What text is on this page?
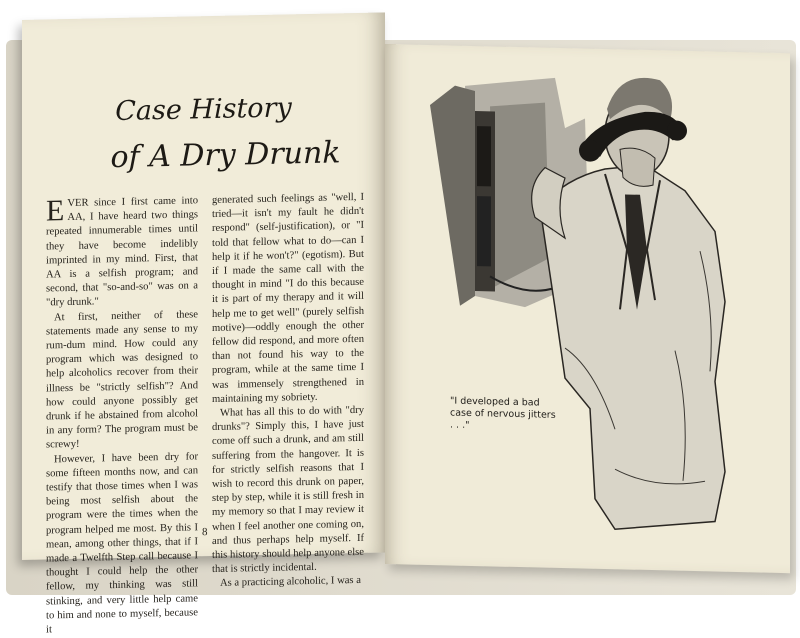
Case History
of A Dry Drunk

EVER since I first came into AA, I have heard two things repeated innumerable times until they have become indelibly imprinted in my mind. First, that AA is a selfish program; and second, that "so-and-so" was on a "dry drunk."

At first, neither of these statements made any sense to my rum-dum mind. How could any program which was designed to help alcoholics recover from their illness be "strictly selfish"? And how could anyone possibly get drunk if he abstained from alcohol in any form? The program must be screwy!

However, I have been dry for some fifteen months now, and can testify that those times when I was being most selfish about the program were the times when the program helped me most. By this I mean, among other things, that if I made a Twelfth Step call because I thought I could help the other fellow, my thinking was still stinking, and very little help came to him and none to myself, because it

generated such feelings as "well, I tried—it isn't my fault he didn't respond" (self-justification), or "I told that fellow what to do—can I help it if he won't?" (egotism). But if I made the same call with the thought in mind "I do this because it is part of my therapy and it will help me to get well" (purely selfish motive)—oddly enough the other fellow did respond, and more often than not found his way to the program, while at the same time I was immensely strengthened in maintaining my sobriety.

What has all this to do with "dry drunks"? Simply this, I have just come off such a drunk, and am still suffering from the hangover. It is for strictly selfish reasons that I wish to record this drunk on paper, step by step, while it is still fresh in my memory so that I may review it when I feel another one coming on, and thus perhaps help myself. If this history should help anyone else that is strictly incidental.

As a practicing alcoholic, I was a

8
"I developed a bad case of nervous jitters . . ."
